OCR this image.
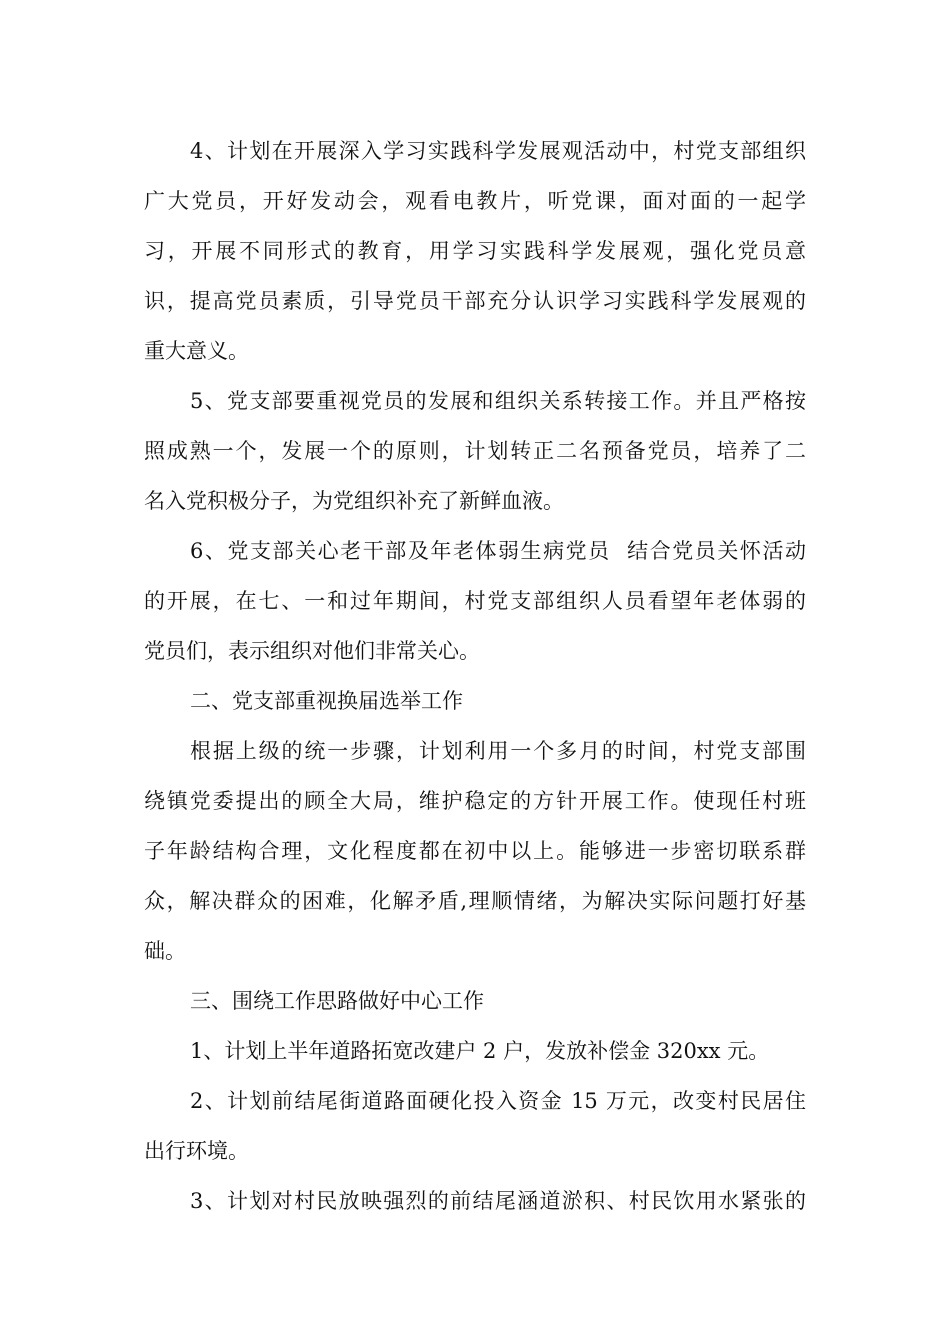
4、计划在开展深入学习实践科学发展观活动中，村党支部组织

广大党员，开好发动会，观看电教片，听党课，面对面的一起学

习，开展不同形式的教育，用学习实践科学发展观，强化党员意

识，提高党员素质，引导党员干部充分认识学习实践科学发展观的

重大意义。

5、党支部要重视党员的发展和组织关系转接工作。并且严格按

照成熟一个，发展一个的原则，计划转正二名预备党员，培养了二

名入党积极分子，为党组织补充了新鲜血液。

6、党支部关心老干部及年老体弱生病党员  结合党员关怀活动

的开展，在七、一和过年期间，村党支部组织人员看望年老体弱的

党员们，表示组织对他们非常关心。

二、党支部重视换届选举工作

根据上级的统一步骤，计划利用一个多月的时间，村党支部围

绕镇党委提出的顾全大局，维护稳定的方针开展工作。使现任村班

子年龄结构合理，文化程度都在初中以上。能够进一步密切联系群

众，解决群众的困难，化解矛盾,理顺情绪，为解决实际问题打好基

础。

三、围绕工作思路做好中心工作

1、计划上半年道路拓宽改建户 2 户，发放补偿金 320xx 元。

2、计划前结尾街道路面硬化投入资金 15 万元，改变村民居住

出行环境。

3、计划对村民放映强烈的前结尾涵道淤积、村民饮用水紧张的
